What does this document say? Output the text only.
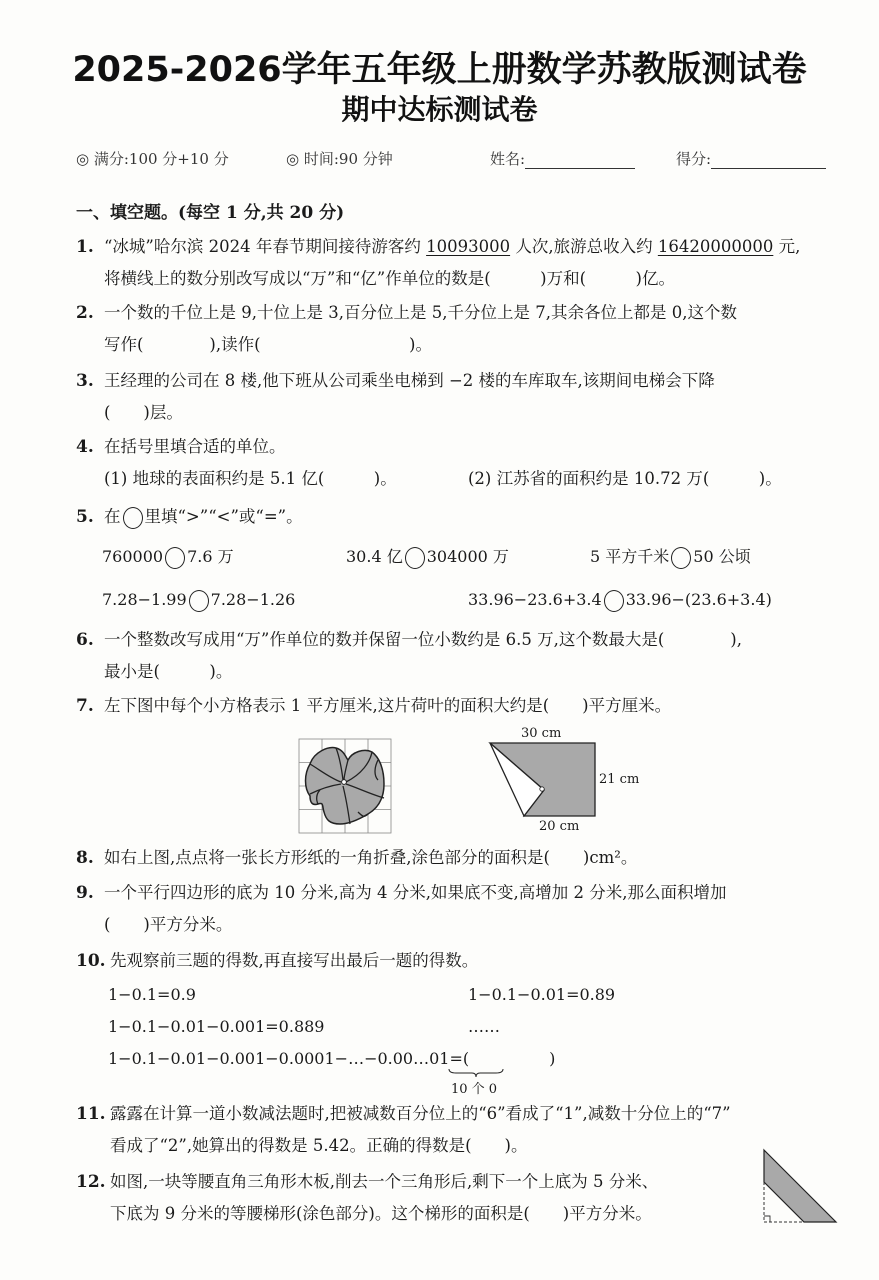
2025-2026学年五年级上册数学苏教版测试卷
期中达标测试卷
◎ 满分:100 分+10 分	◎ 时间:90 分钟	姓名:	得分:
一、填空题。(每空 1 分,共 20 分)
1. “冰城”哈尔滨 2024 年春节期间接待游客约 10093000 人次,旅游总收入约 16420000000 元,
将横线上的数分别改写成以“万”和“亿”作单位的数是(　　　)万和(　　　)亿。
2. 一个数的千位上是 9,十位上是 3,百分位上是 5,千分位上是 7,其余各位上都是 0,这个数
写作(　　　　),读作(　　　　　　　　　)。
3. 王经理的公司在 8 楼,他下班从公司乘坐电梯到 −2 楼的车库取车,该期间电梯会下降
(　　)层。
4. 在括号里填合适的单位。
(1) 地球的表面积约是 5.1 亿(　　　)。	(2) 江苏省的面积约是 10.72 万(　　　)。
5. 在 里填“>”“<”或“=”。
760000 7.6 万	30.4 亿 304000 万	5 平方千米 50 公顷
7.28−1.99 7.28−1.26	33.96−23.6+3.4 33.96−(23.6+3.4)
6. 一个整数改写成用“万”作单位的数并保留一位小数约是 6.5 万,这个数最大是(　　　　),
最小是(　　　)。
7. 左下图中每个小方格表示 1 平方厘米,这片荷叶的面积大约是(　　)平方厘米。
30 cm
21 cm
20 cm
8. 如右上图,点点将一张长方形纸的一角折叠,涂色部分的面积是(　　)cm²。
9. 一个平行四边形的底为 10 分米,高为 4 分米,如果底不变,高增加 2 分米,那么面积增加
(　　)平方分米。
10. 先观察前三题的得数,再直接写出最后一题的得数。
1−0.1=0.9	1−0.1−0.01=0.89
1−0.1−0.01−0.001=0.889	……
1−0.1−0.01−0.001−0.0001−…−0.00…01=(　　　　　)
10 个 0
11. 露露在计算一道小数减法题时,把被减数百分位上的“6”看成了“1”,减数十分位上的“7”
看成了“2”,她算出的得数是 5.42。正确的得数是(　　)。
12. 如图,一块等腰直角三角形木板,削去一个三角形后,剩下一个上底为 5 分米、
下底为 9 分米的等腰梯形(涂色部分)。这个梯形的面积是(　　)平方分米。
